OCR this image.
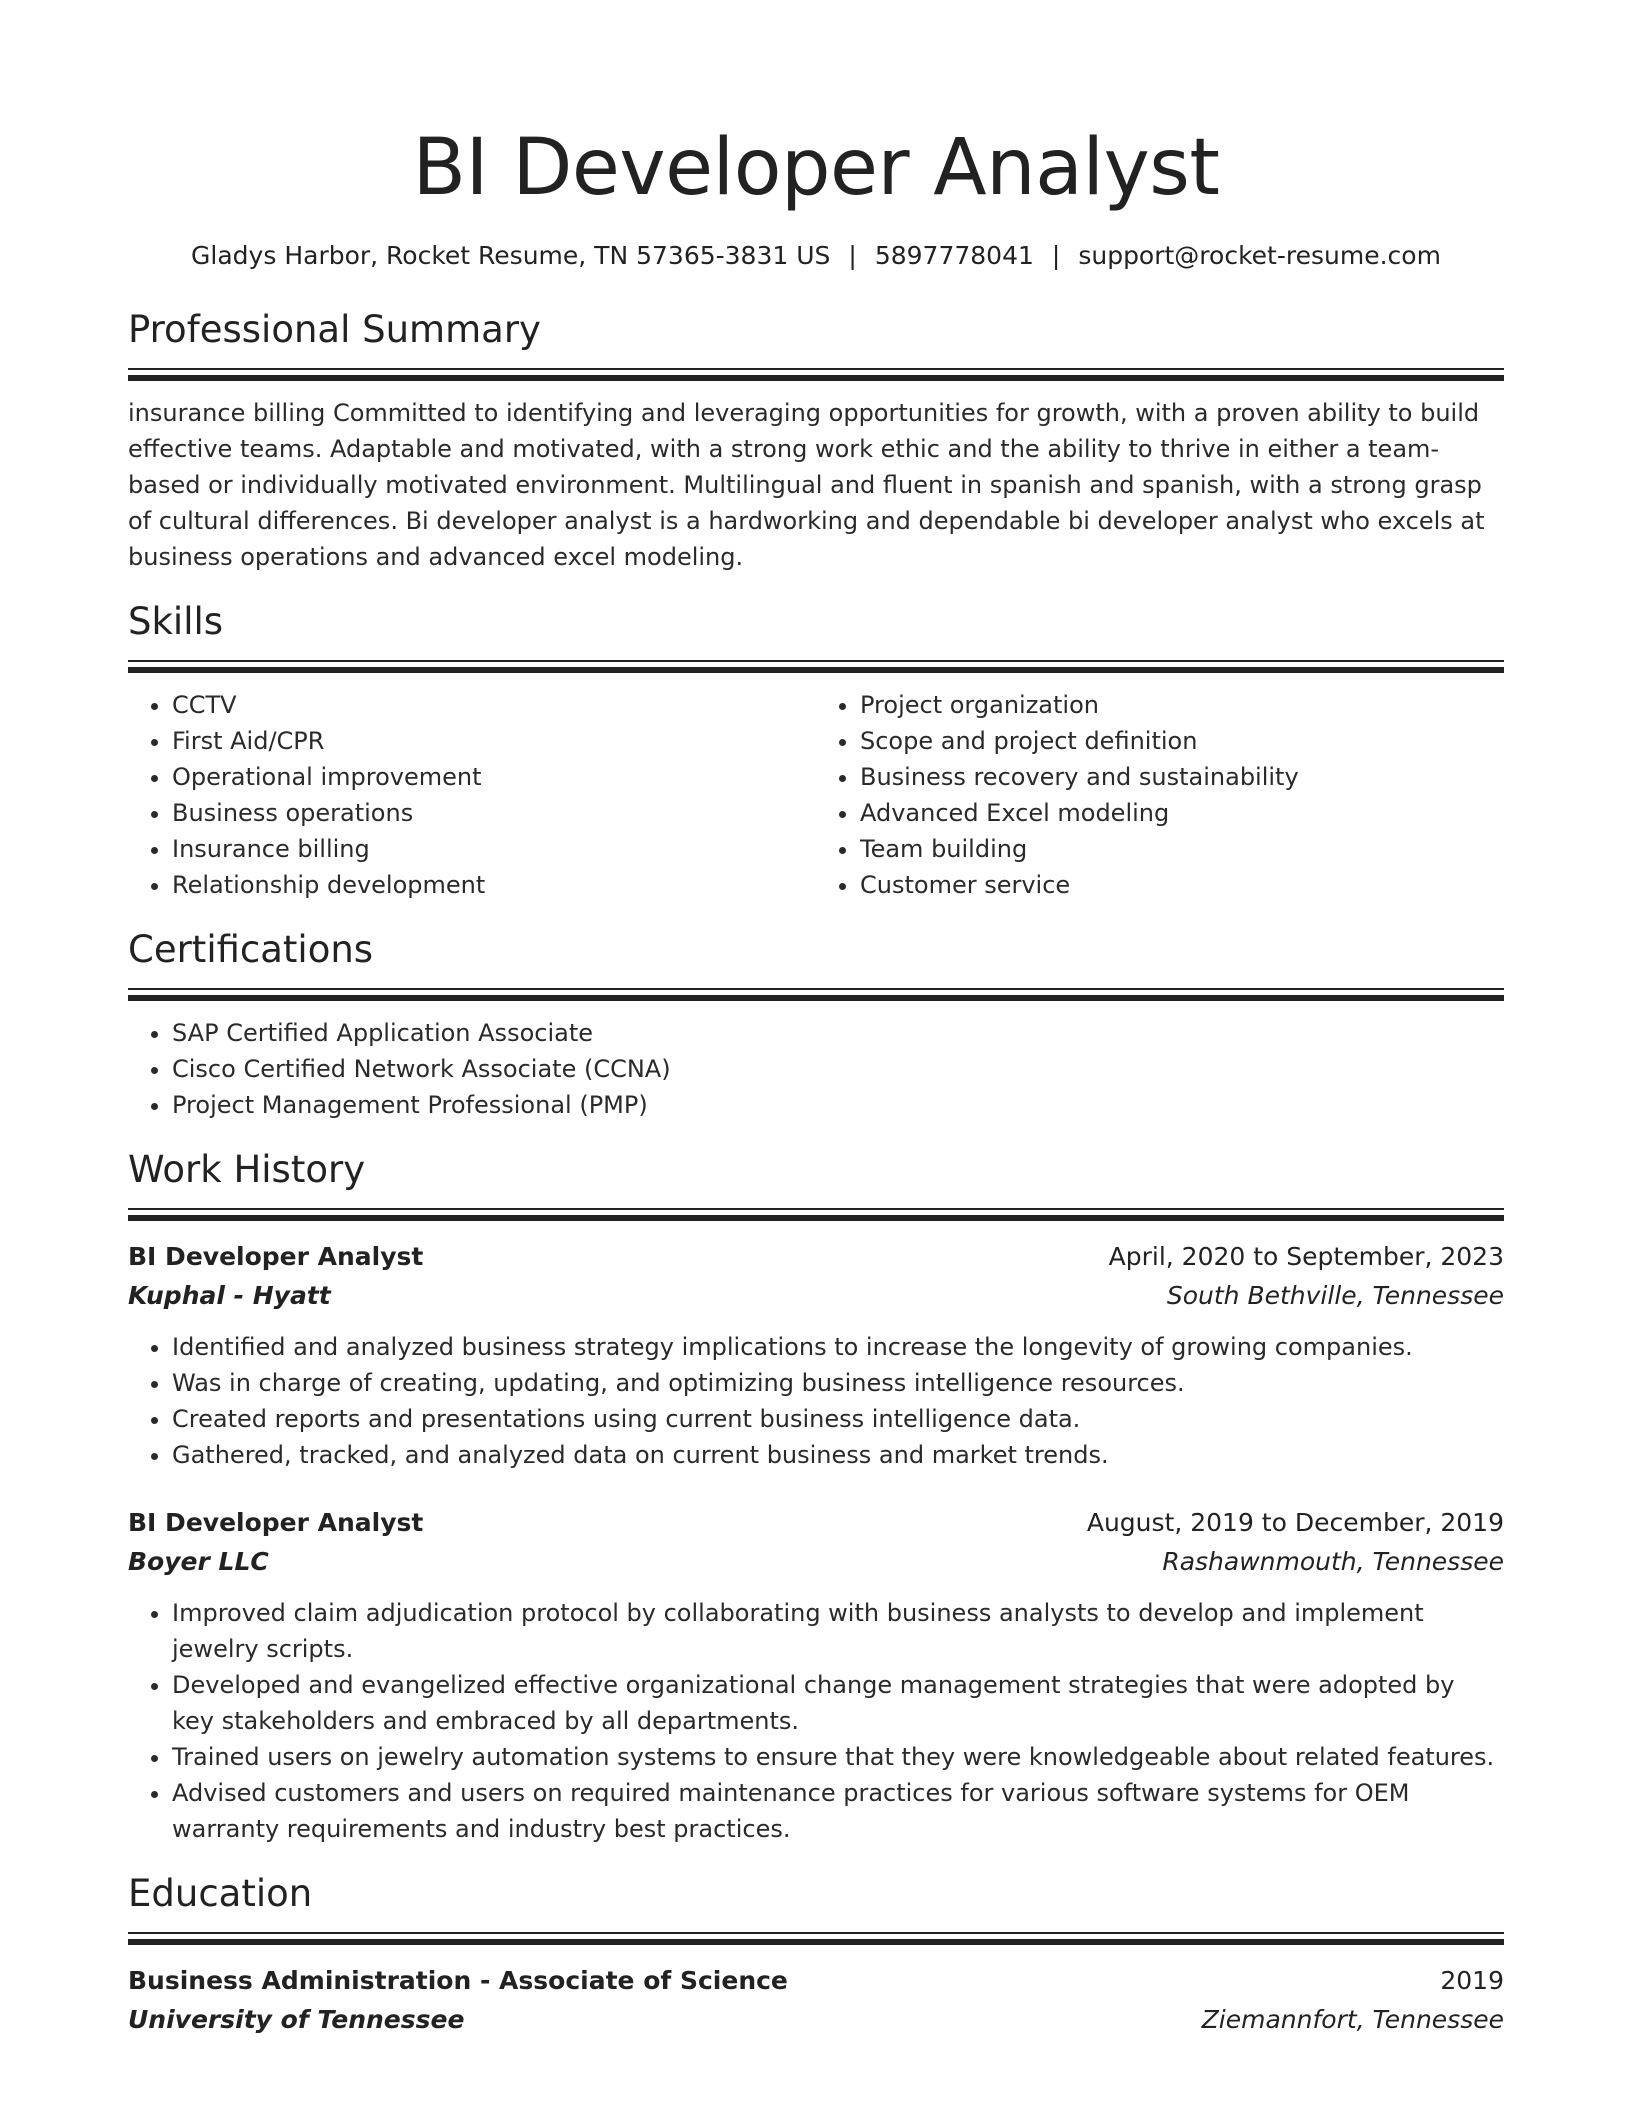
BI Developer Analyst
Gladys Harbor, Rocket Resume, TN 57365-3831 US | 5897778041 | support@rocket-resume.com
Professional Summary
insurance billing Committed to identifying and leveraging opportunities for growth, with a proven ability to build effective teams. Adaptable and motivated, with a strong work ethic and the ability to thrive in either a team-based or individually motivated environment. Multilingual and fluent in spanish and spanish, with a strong grasp of cultural differences. Bi developer analyst is a hardworking and dependable bi developer analyst who excels at business operations and advanced excel modeling.
Skills
• CCTV
• First Aid/CPR
• Operational improvement
• Business operations
• Insurance billing
• Relationship development
• Project organization
• Scope and project definition
• Business recovery and sustainability
• Advanced Excel modeling
• Team building
• Customer service
Certifications
• SAP Certified Application Associate
• Cisco Certified Network Associate (CCNA)
• Project Management Professional (PMP)
Work History
BI Developer Analyst	April, 2020 to September, 2023
Kuphal - Hyatt	South Bethville, Tennessee
• Identified and analyzed business strategy implications to increase the longevity of growing companies.
• Was in charge of creating, updating, and optimizing business intelligence resources.
• Created reports and presentations using current business intelligence data.
• Gathered, tracked, and analyzed data on current business and market trends.
BI Developer Analyst	August, 2019 to December, 2019
Boyer LLC	Rashawnmouth, Tennessee
• Improved claim adjudication protocol by collaborating with business analysts to develop and implement jewelry scripts.
• Developed and evangelized effective organizational change management strategies that were adopted by key stakeholders and embraced by all departments.
• Trained users on jewelry automation systems to ensure that they were knowledgeable about related features.
• Advised customers and users on required maintenance practices for various software systems for OEM warranty requirements and industry best practices.
Education
Business Administration - Associate of Science	2019
University of Tennessee	Ziemannfort, Tennessee
